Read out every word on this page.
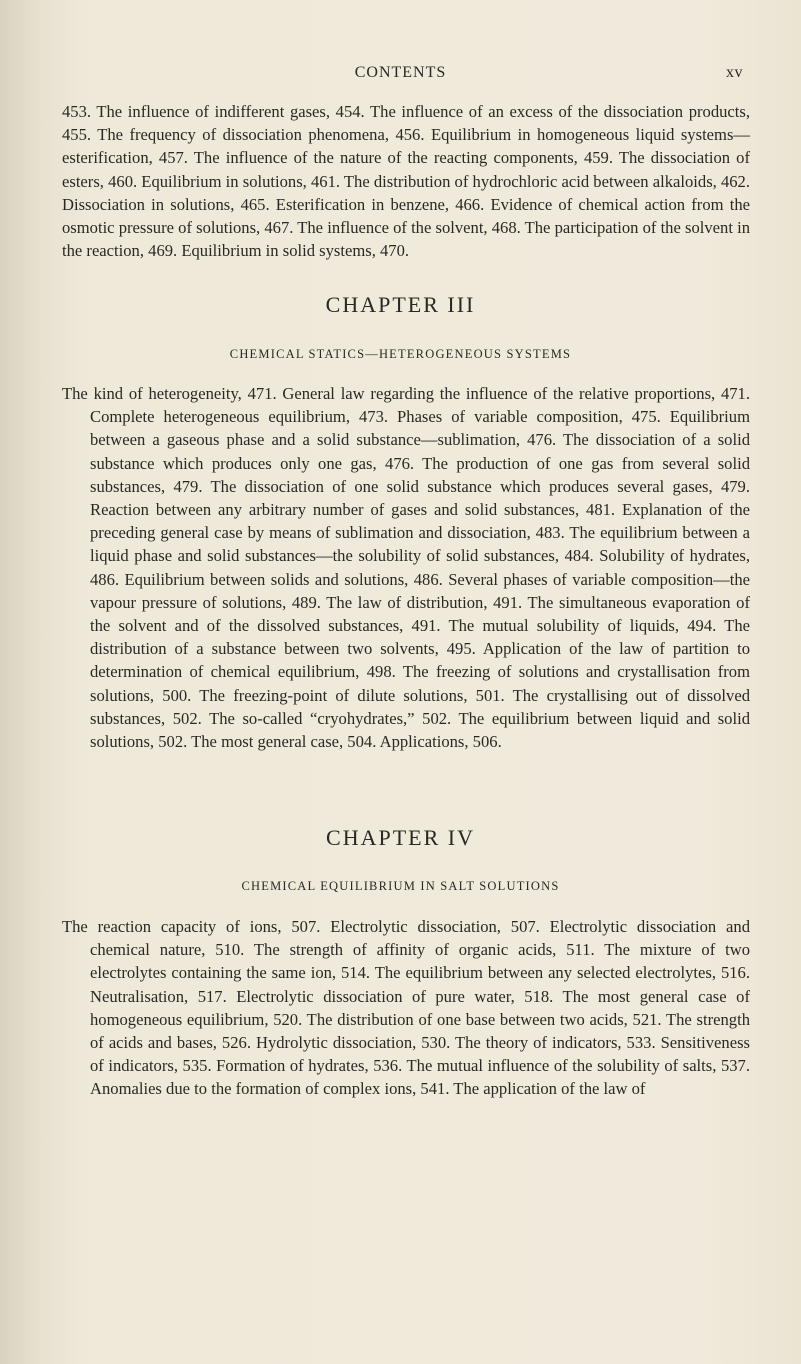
CONTENTS	xv

453. The influence of indifferent gases, 454. The influence of an excess of the dissociation products, 455. The frequency of dissociation phenomena, 456. Equilibrium in homogeneous liquid systems—esterification, 457. The influence of the nature of the reacting components, 459. The dissociation of esters, 460. Equilibrium in solutions, 461. The distribution of hydrochloric acid between alkaloids, 462. Dissociation in solutions, 465. Esterification in benzene, 466. Evidence of chemical action from the osmotic pressure of solutions, 467. The influence of the solvent, 468. The participation of the solvent in the reaction, 469. Equilibrium in solid systems, 470.

CHAPTER III
CHEMICAL STATICS—HETEROGENEOUS SYSTEMS

The kind of heterogeneity, 471. General law regarding the influence of the relative proportions, 471. Complete heterogeneous equilibrium, 473. Phases of variable composition, 475. Equilibrium between a gaseous phase and a solid substance—sublimation, 476. The dissociation of a solid substance which produces only one gas, 476. The production of one gas from several solid substances, 479. The dissociation of one solid substance which produces several gases, 479. Reaction between any arbitrary number of gases and solid substances, 481. Explanation of the preceding general case by means of sublimation and dissociation, 483. The equilibrium between a liquid phase and solid substances—the solubility of solid substances, 484. Solubility of hydrates, 486. Equilibrium between solids and solutions, 486. Several phases of variable composition—the vapour pressure of solutions, 489. The law of distribution, 491. The simultaneous evaporation of the solvent and of the dissolved substances, 491. The mutual solubility of liquids, 494. The distribution of a substance between two solvents, 495. Application of the law of partition to determination of chemical equilibrium, 498. The freezing of solutions and crystallisation from solutions, 500. The freezing-point of dilute solutions, 501. The crystallising out of dissolved substances, 502. The so-called “cryohydrates,” 502. The equilibrium between liquid and solid solutions, 502. The most general case, 504. Applications, 506.

CHAPTER IV
CHEMICAL EQUILIBRIUM IN SALT SOLUTIONS

The reaction capacity of ions, 507. Electrolytic dissociation, 507. Electrolytic dissociation and chemical nature, 510. The strength of affinity of organic acids, 511. The mixture of two electrolytes containing the same ion, 514. The equilibrium between any selected electrolytes, 516. Neutralisation, 517. Electrolytic dissociation of pure water, 518. The most general case of homogeneous equilibrium, 520. The distribution of one base between two acids, 521. The strength of acids and bases, 526. Hydrolytic dissociation, 530. The theory of indicators, 533. Sensitiveness of indicators, 535. Formation of hydrates, 536. The mutual influence of the solubility of salts, 537. Anomalies due to the formation of complex ions, 541. The application of the law of
